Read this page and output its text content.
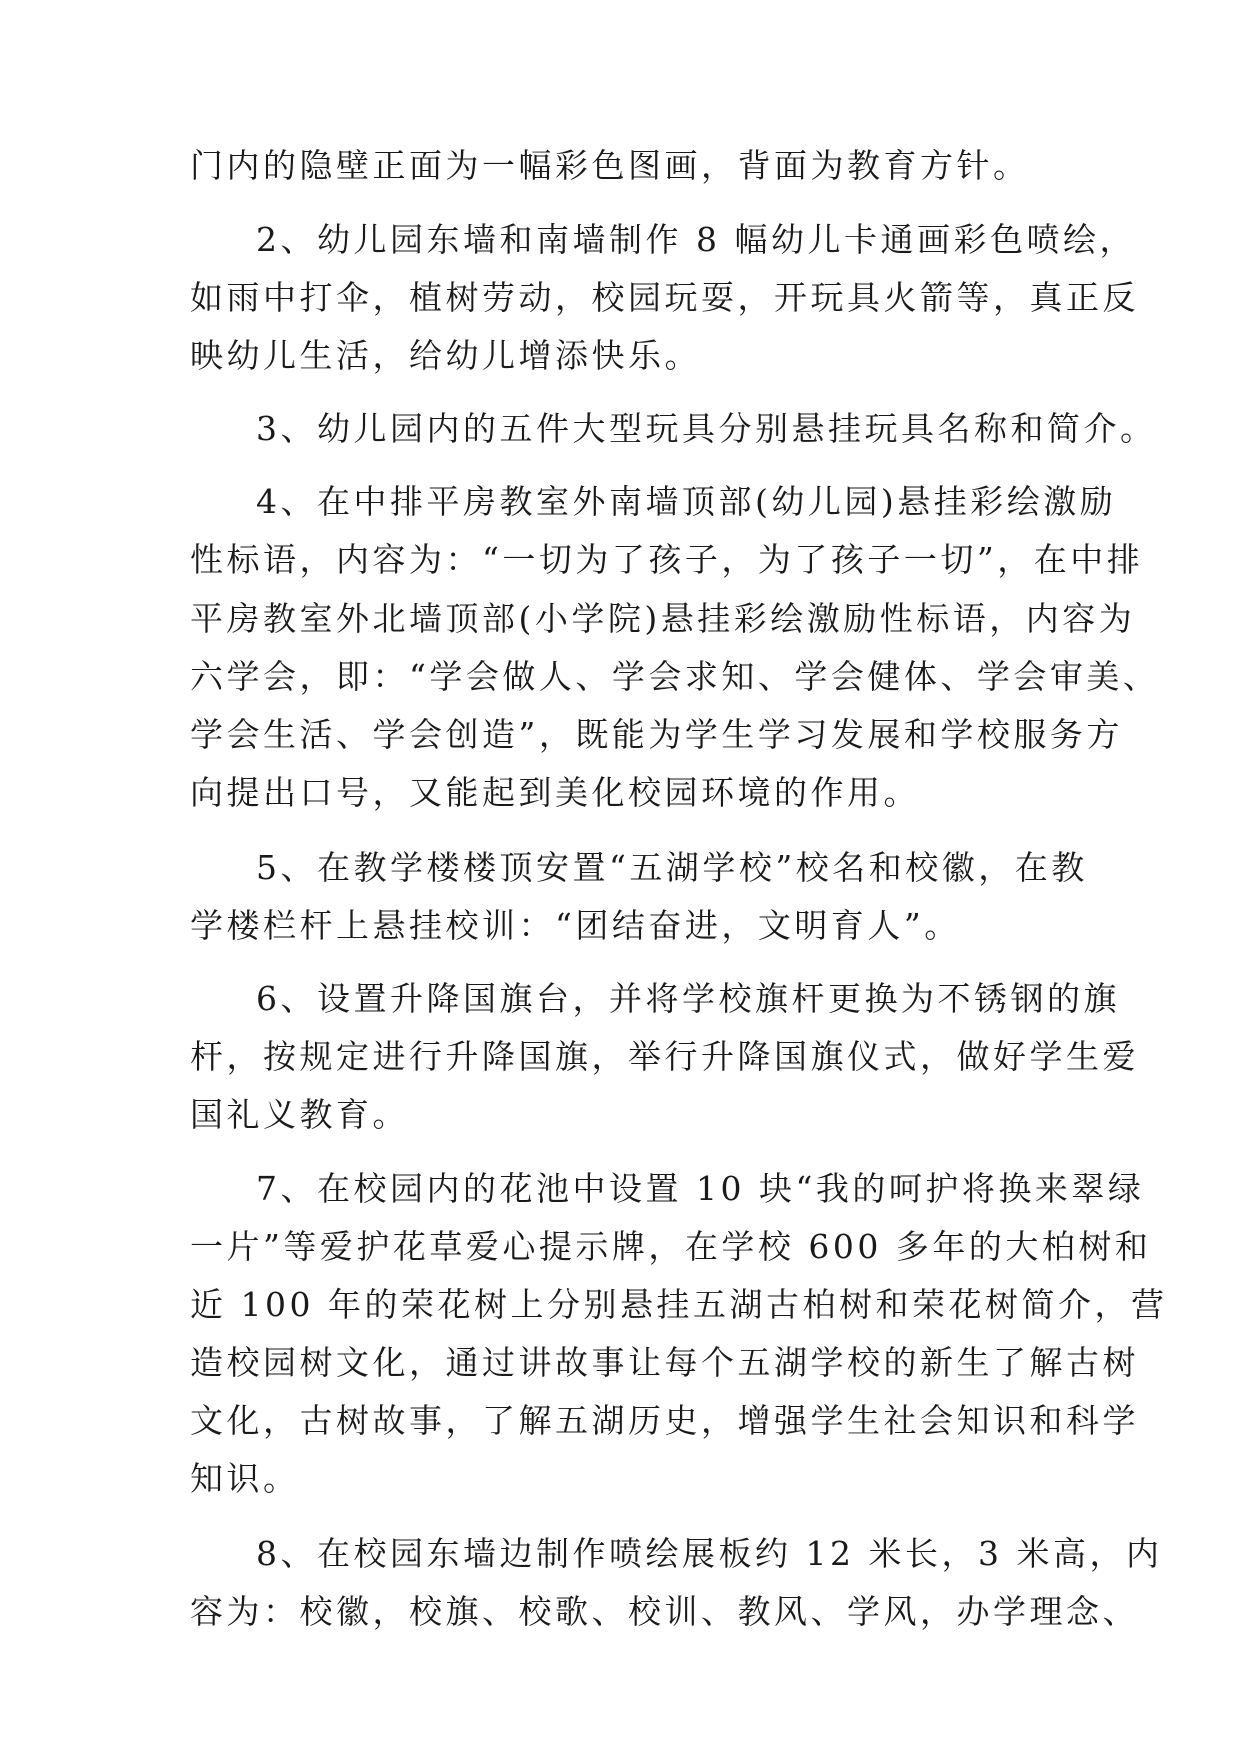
门内的隐壁正面为一幅彩色图画，背面为教育方针。
2、幼儿园东墙和南墙制作 8 幅幼儿卡通画彩色喷绘，
如雨中打伞，植树劳动，校园玩耍，开玩具火箭等，真正反
映幼儿生活，给幼儿增添快乐。
3、幼儿园内的五件大型玩具分别悬挂玩具名称和简介。
4、在中排平房教室外南墙顶部(幼儿园)悬挂彩绘激励
性标语，内容为：“一切为了孩子，为了孩子一切”，在中排
平房教室外北墙顶部(小学院)悬挂彩绘激励性标语，内容为
六学会，即：“学会做人、学会求知、学会健体、学会审美、
学会生活、学会创造”，既能为学生学习发展和学校服务方
向提出口号，又能起到美化校园环境的作用。
5、在教学楼楼顶安置“五湖学校”校名和校徽，在教
学楼栏杆上悬挂校训：“团结奋进，文明育人”。
6、设置升降国旗台，并将学校旗杆更换为不锈钢的旗
杆，按规定进行升降国旗，举行升降国旗仪式，做好学生爱
国礼义教育。
7、在校园内的花池中设置 10 块“我的呵护将换来翠绿
一片”等爱护花草爱心提示牌，在学校 600 多年的大柏树和
近 100 年的荣花树上分别悬挂五湖古柏树和荣花树简介，营
造校园树文化，通过讲故事让每个五湖学校的新生了解古树
文化，古树故事，了解五湖历史，增强学生社会知识和科学
知识。
8、在校园东墙边制作喷绘展板约 12 米长，3 米高，内
容为：校徽，校旗、校歌、校训、教风、学风，办学理念、
